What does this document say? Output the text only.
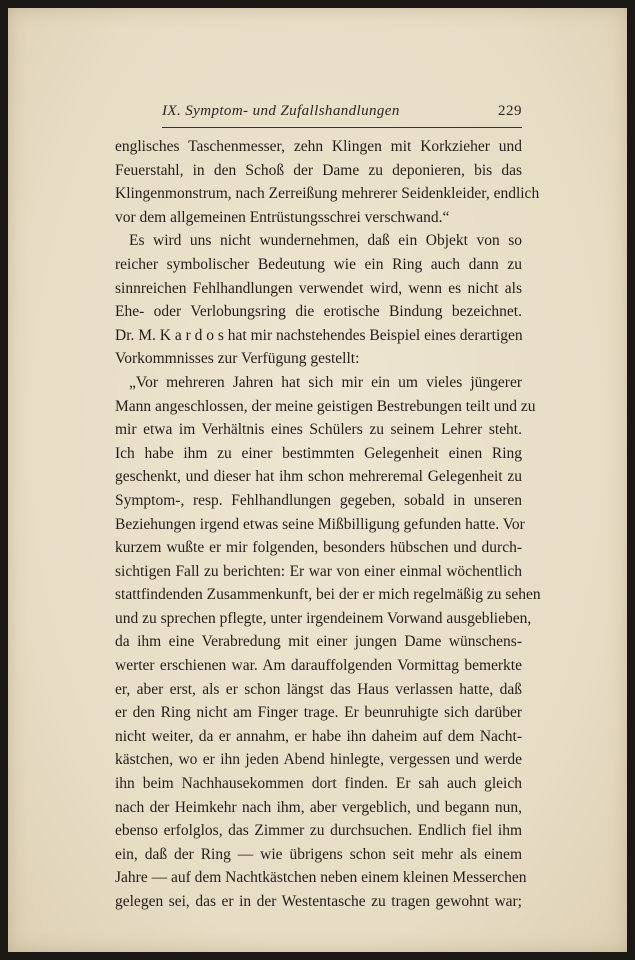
IX. Symptom- und Zufallshandlungen	229
englisches Taschenmesser, zehn Klingen mit Korkzieher und
Feuerstahl, in den Schoß der Dame zu deponieren, bis das
Klingenmonstrum, nach Zerreißung mehrerer Seidenkleider, endlich
vor dem allgemeinen Entrüstungsschrei verschwand.“
Es wird uns nicht wundernehmen, daß ein Objekt von so
reicher symbolischer Bedeutung wie ein Ring auch dann zu
sinnreichen Fehlhandlungen verwendet wird, wenn es nicht als
Ehe- oder Verlobungsring die erotische Bindung bezeichnet.
Dr. M. K a r d o s hat mir nachstehendes Beispiel eines derartigen
Vorkommnisses zur Verfügung gestellt:
„Vor mehreren Jahren hat sich mir ein um vieles jüngerer
Mann angeschlossen, der meine geistigen Bestrebungen teilt und zu
mir etwa im Verhältnis eines Schülers zu seinem Lehrer steht.
Ich habe ihm zu einer bestimmten Gelegenheit einen Ring
geschenkt, und dieser hat ihm schon mehreremal Gelegenheit zu
Symptom-, resp. Fehlhandlungen gegeben, sobald in unseren
Beziehungen irgend etwas seine Mißbilligung gefunden hatte. Vor
kurzem wußte er mir folgenden, besonders hübschen und durch-
sichtigen Fall zu berichten: Er war von einer einmal wöchentlich
stattfindenden Zusammenkunft, bei der er mich regelmäßig zu sehen
und zu sprechen pflegte, unter irgendeinem Vorwand ausgeblieben,
da ihm eine Verabredung mit einer jungen Dame wünschens-
werter erschienen war. Am darauffolgenden Vormittag bemerkte
er, aber erst, als er schon längst das Haus verlassen hatte, daß
er den Ring nicht am Finger trage. Er beunruhigte sich darüber
nicht weiter, da er annahm, er habe ihn daheim auf dem Nacht-
kästchen, wo er ihn jeden Abend hinlegte, vergessen und werde
ihn beim Nachhausekommen dort finden. Er sah auch gleich
nach der Heimkehr nach ihm, aber vergeblich, und begann nun,
ebenso erfolglos, das Zimmer zu durchsuchen. Endlich fiel ihm
ein, daß der Ring — wie übrigens schon seit mehr als einem
Jahre — auf dem Nachtkästchen neben einem kleinen Messerchen
gelegen sei, das er in der Westentasche zu tragen gewohnt war;
